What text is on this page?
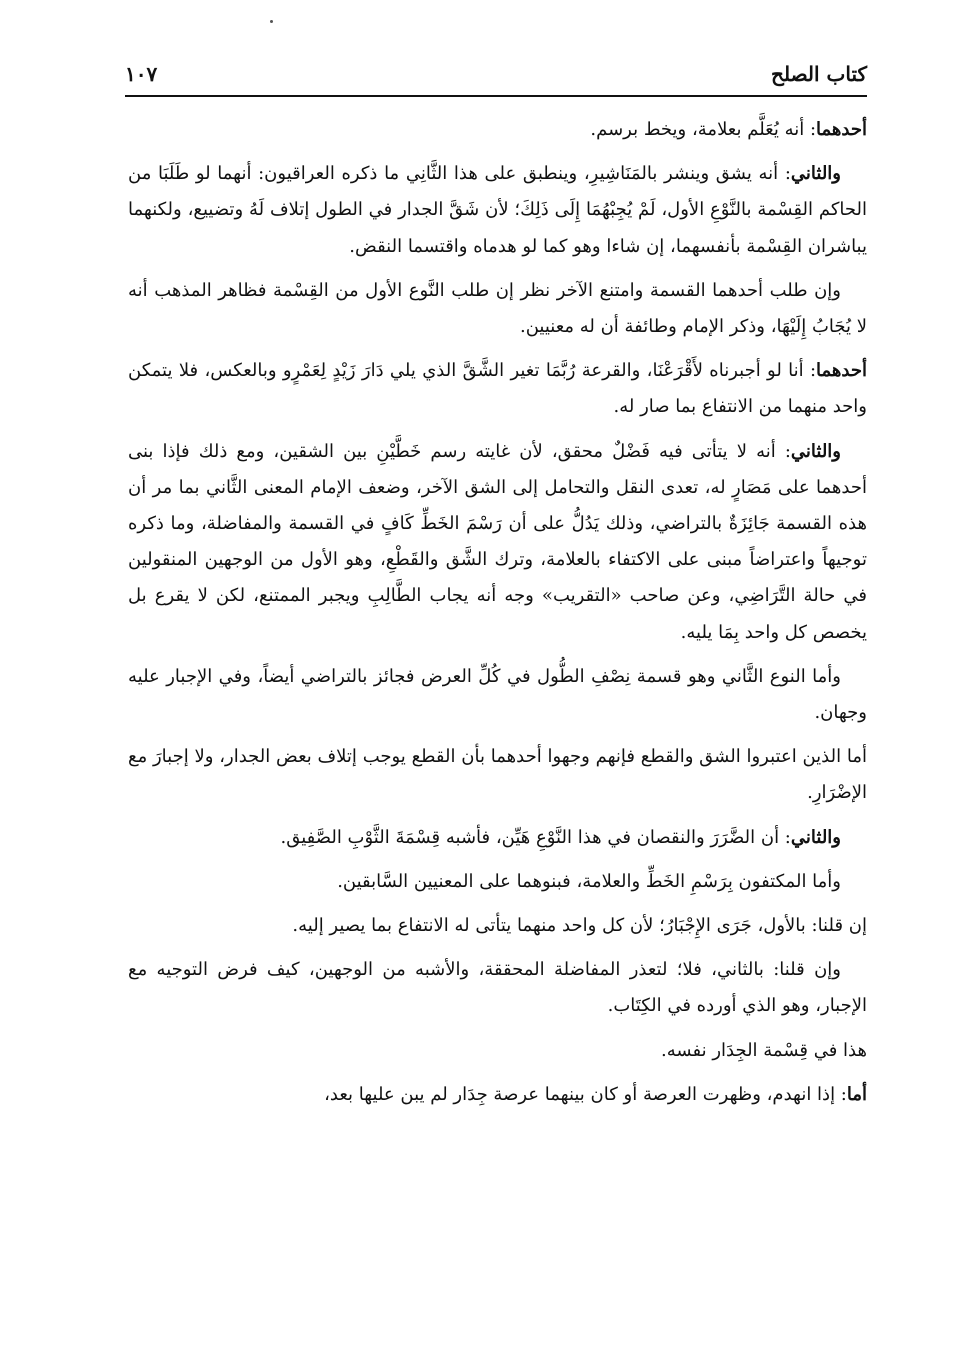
كتاب الصلح
١٠٧

أحدهما: أنه يُعَلَّم بعلامة، ويخط برسم.

والثاني: أنه يشق وينشر بالمَنَاشِيرِ، وينطبق على هذا الثَّانِي ما ذكره العراقيون: أنهما لو طَلَبَا من الحاكم القِسْمة بالنَّوْعِ الأول، لَمْ يُجِبْهُمَا إِلَى ذَلِكَ؛ لأن شَقَّ الجدار في الطول إتلاف لَهُ وتضييع، ولكنهما يباشران القِسْمة بأنفسهما، إن شاءا وهو كما لو هدماه واقتسما النقض.

وإن طلب أحدهما القسمة وامتنع الآخر نظر إن طلب النَّوع الأول من القِسْمة فظاهر المذهب أنه لا يُجَابُ إِلَيْهَا، وذكر الإمام وطائفة أن له معنيين.

أحدهما: أنا لو أجبرناه لأَقْرَعْنَا، والقرعة رُبَّمَا تغير الشَّقَّ الذي يلي دَارَ زَيْدٍ لِعَمْرٍو وبالعكس، فلا يتمكن واحد منهما من الانتفاع بما صار له.

والثاني: أنه لا يتأتى فيه فَضْلٌ محقق، لأن غايته رسم خَطَّيْنِ بين الشقين، ومع ذلك فإذا بنى أحدهما على مَصَارٍ له، تعدى النقل والتحامل إلى الشق الآخر، وضعف الإمام المعنى الثَّاني بما مر أن هذه القسمة جَائِزَةٌ بالتراضي، وذلك يَدُلُّ على أن رَسْمَ الخَطِّ كَافٍ في القسمة والمفاضلة، وما ذكره توجيهاً واعتراضاً مبنى على الاكتفاء بالعلامة، وترك الشَّق والقَطْعِ، وهو الأول من الوجهين المنقولين في حالة التَّرَاضِي، وعن صاحب «التقريب» وجه أنه يجاب الطَّالِبِ ويجبر الممتنع، لكن لا يقرع بل يخصص كل واحد بِمَا يليه.

وأما النوع الثَّاني وهو قسمة نِصْفِ الطُّول في كُلِّ العرض فجائز بالتراضي أيضاً، وفي الإجبار عليه وجهان.

أما الذين اعتبروا الشق والقطع فإنهم وجهوا أحدهما بأن القطع يوجب إتلاف بعض الجدار، ولا إجبارَ مع الإضْرَارِ.

والثاني: أن الضَّرَرَ والنقصان في هذا النَّوْعِ هَيِّن، فأشبه قِسْمَةَ الثَّوْبِ الصَّفِيق.

وأما المكتفون بِرَسْمِ الخَطِّ والعلامة، فبنوهما على المعنيين السَّابقين.

إن قلنا: بالأول، جَرَى الإِجْبَارُ؛ لأن كل واحد منهما يتأتى له الانتفاع بما يصير إليه.

وإن قلنا: بالثاني، فلا؛ لتعذر المفاضلة المحققة، والأشبه من الوجهين، كيف فرض التوجيه مع الإجبار، وهو الذي أورده في الكِتَاب.

هذا في قِسْمة الجِدَار نفسه.

أما: إذا انهدم، وظهرت العرصة أو كان بينهما عرصة جِدَار لم يبن عليها بعد،
